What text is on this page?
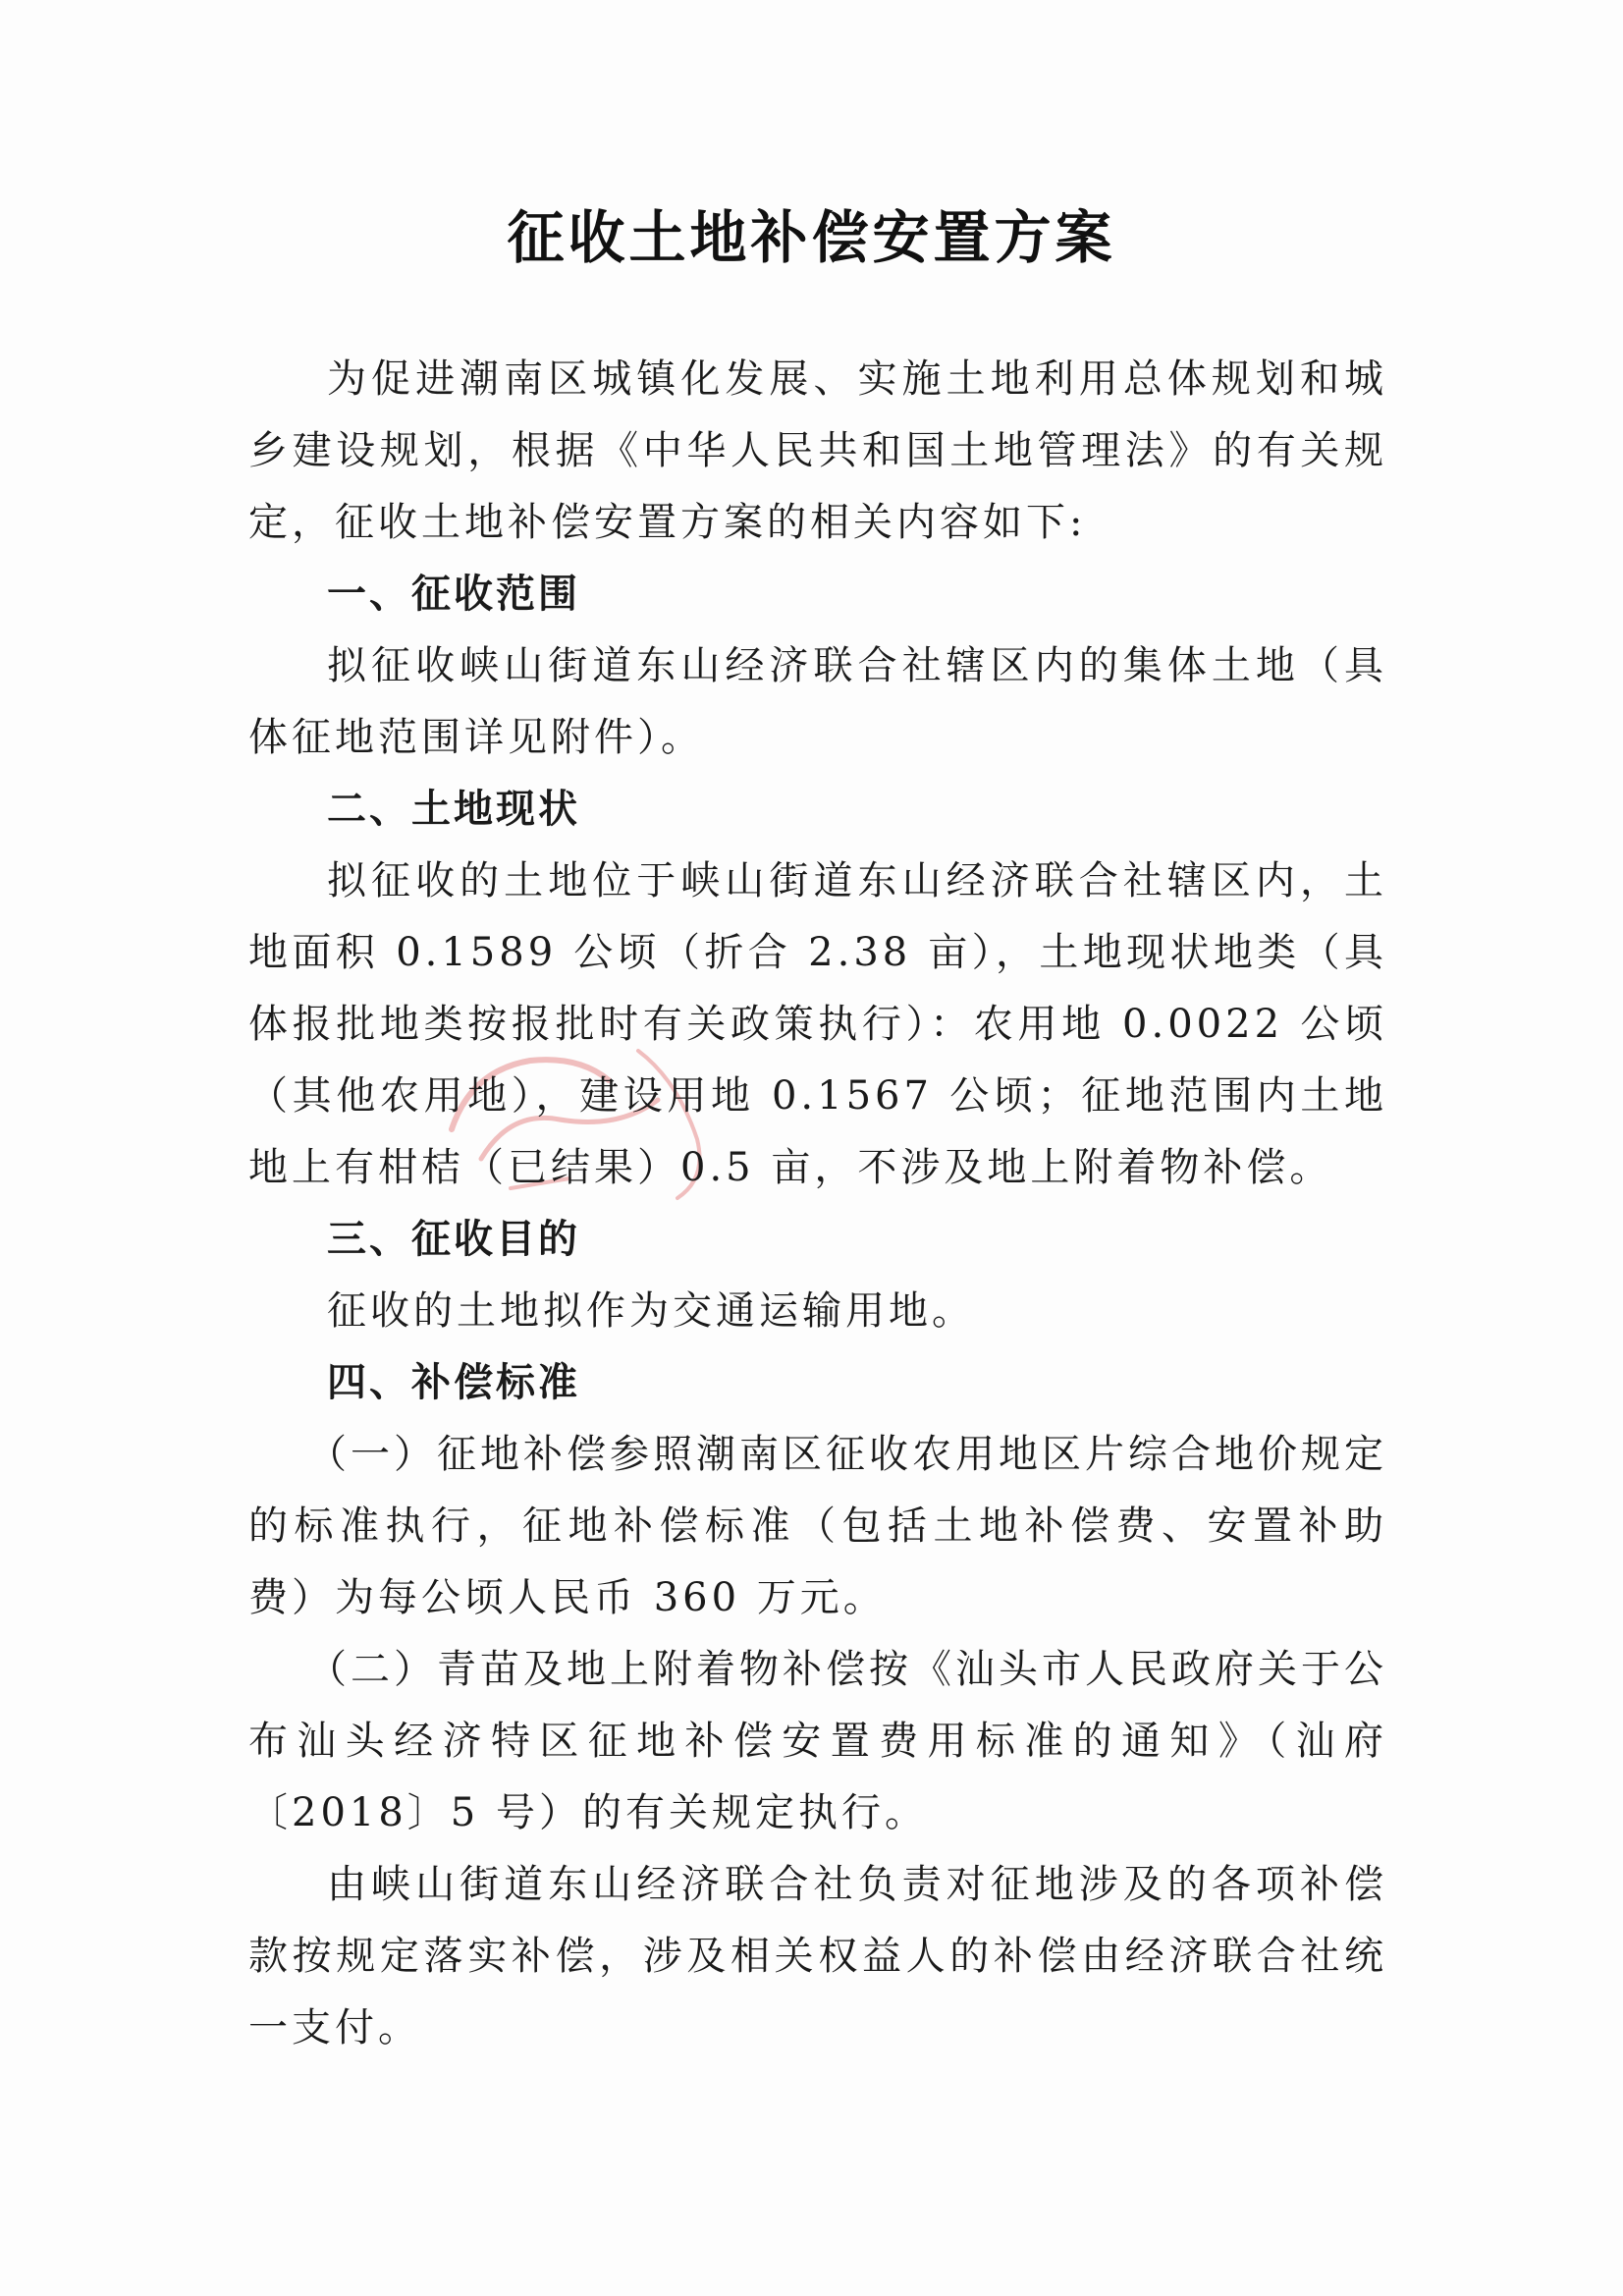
征收土地补偿安置方案

为促进潮南区城镇化发展、实施土地利用总体规划和城乡建设规划，根据《中华人民共和国土地管理法》的有关规定，征收土地补偿安置方案的相关内容如下:

一、征收范围

拟征收峡山街道东山经济联合社辖区内的集体土地（具体征地范围详见附件）。

二、土地现状

拟征收的土地位于峡山街道东山经济联合社辖区内，土地面积 0.1589 公顷（折合 2.38 亩），土地现状地类（具体报批地类按报批时有关政策执行）：农用地 0.0022 公顷（其他农用地），建设用地 0.1567 公顷；征地范围内土地地上有柑桔（已结果）0.5 亩，不涉及地上附着物补偿。

三、征收目的

征收的土地拟作为交通运输用地。

四、补偿标准

（一）征地补偿参照潮南区征收农用地区片综合地价规定的标准执行，征地补偿标准（包括土地补偿费、安置补助费）为每公顷人民币 360 万元。

（二）青苗及地上附着物补偿按《汕头市人民政府关于公布汕头经济特区征地补偿安置费用标准的通知》（汕府〔2018〕5 号）的有关规定执行。

由峡山街道东山经济联合社负责对征地涉及的各项补偿款按规定落实补偿，涉及相关权益人的补偿由经济联合社统一支付。
